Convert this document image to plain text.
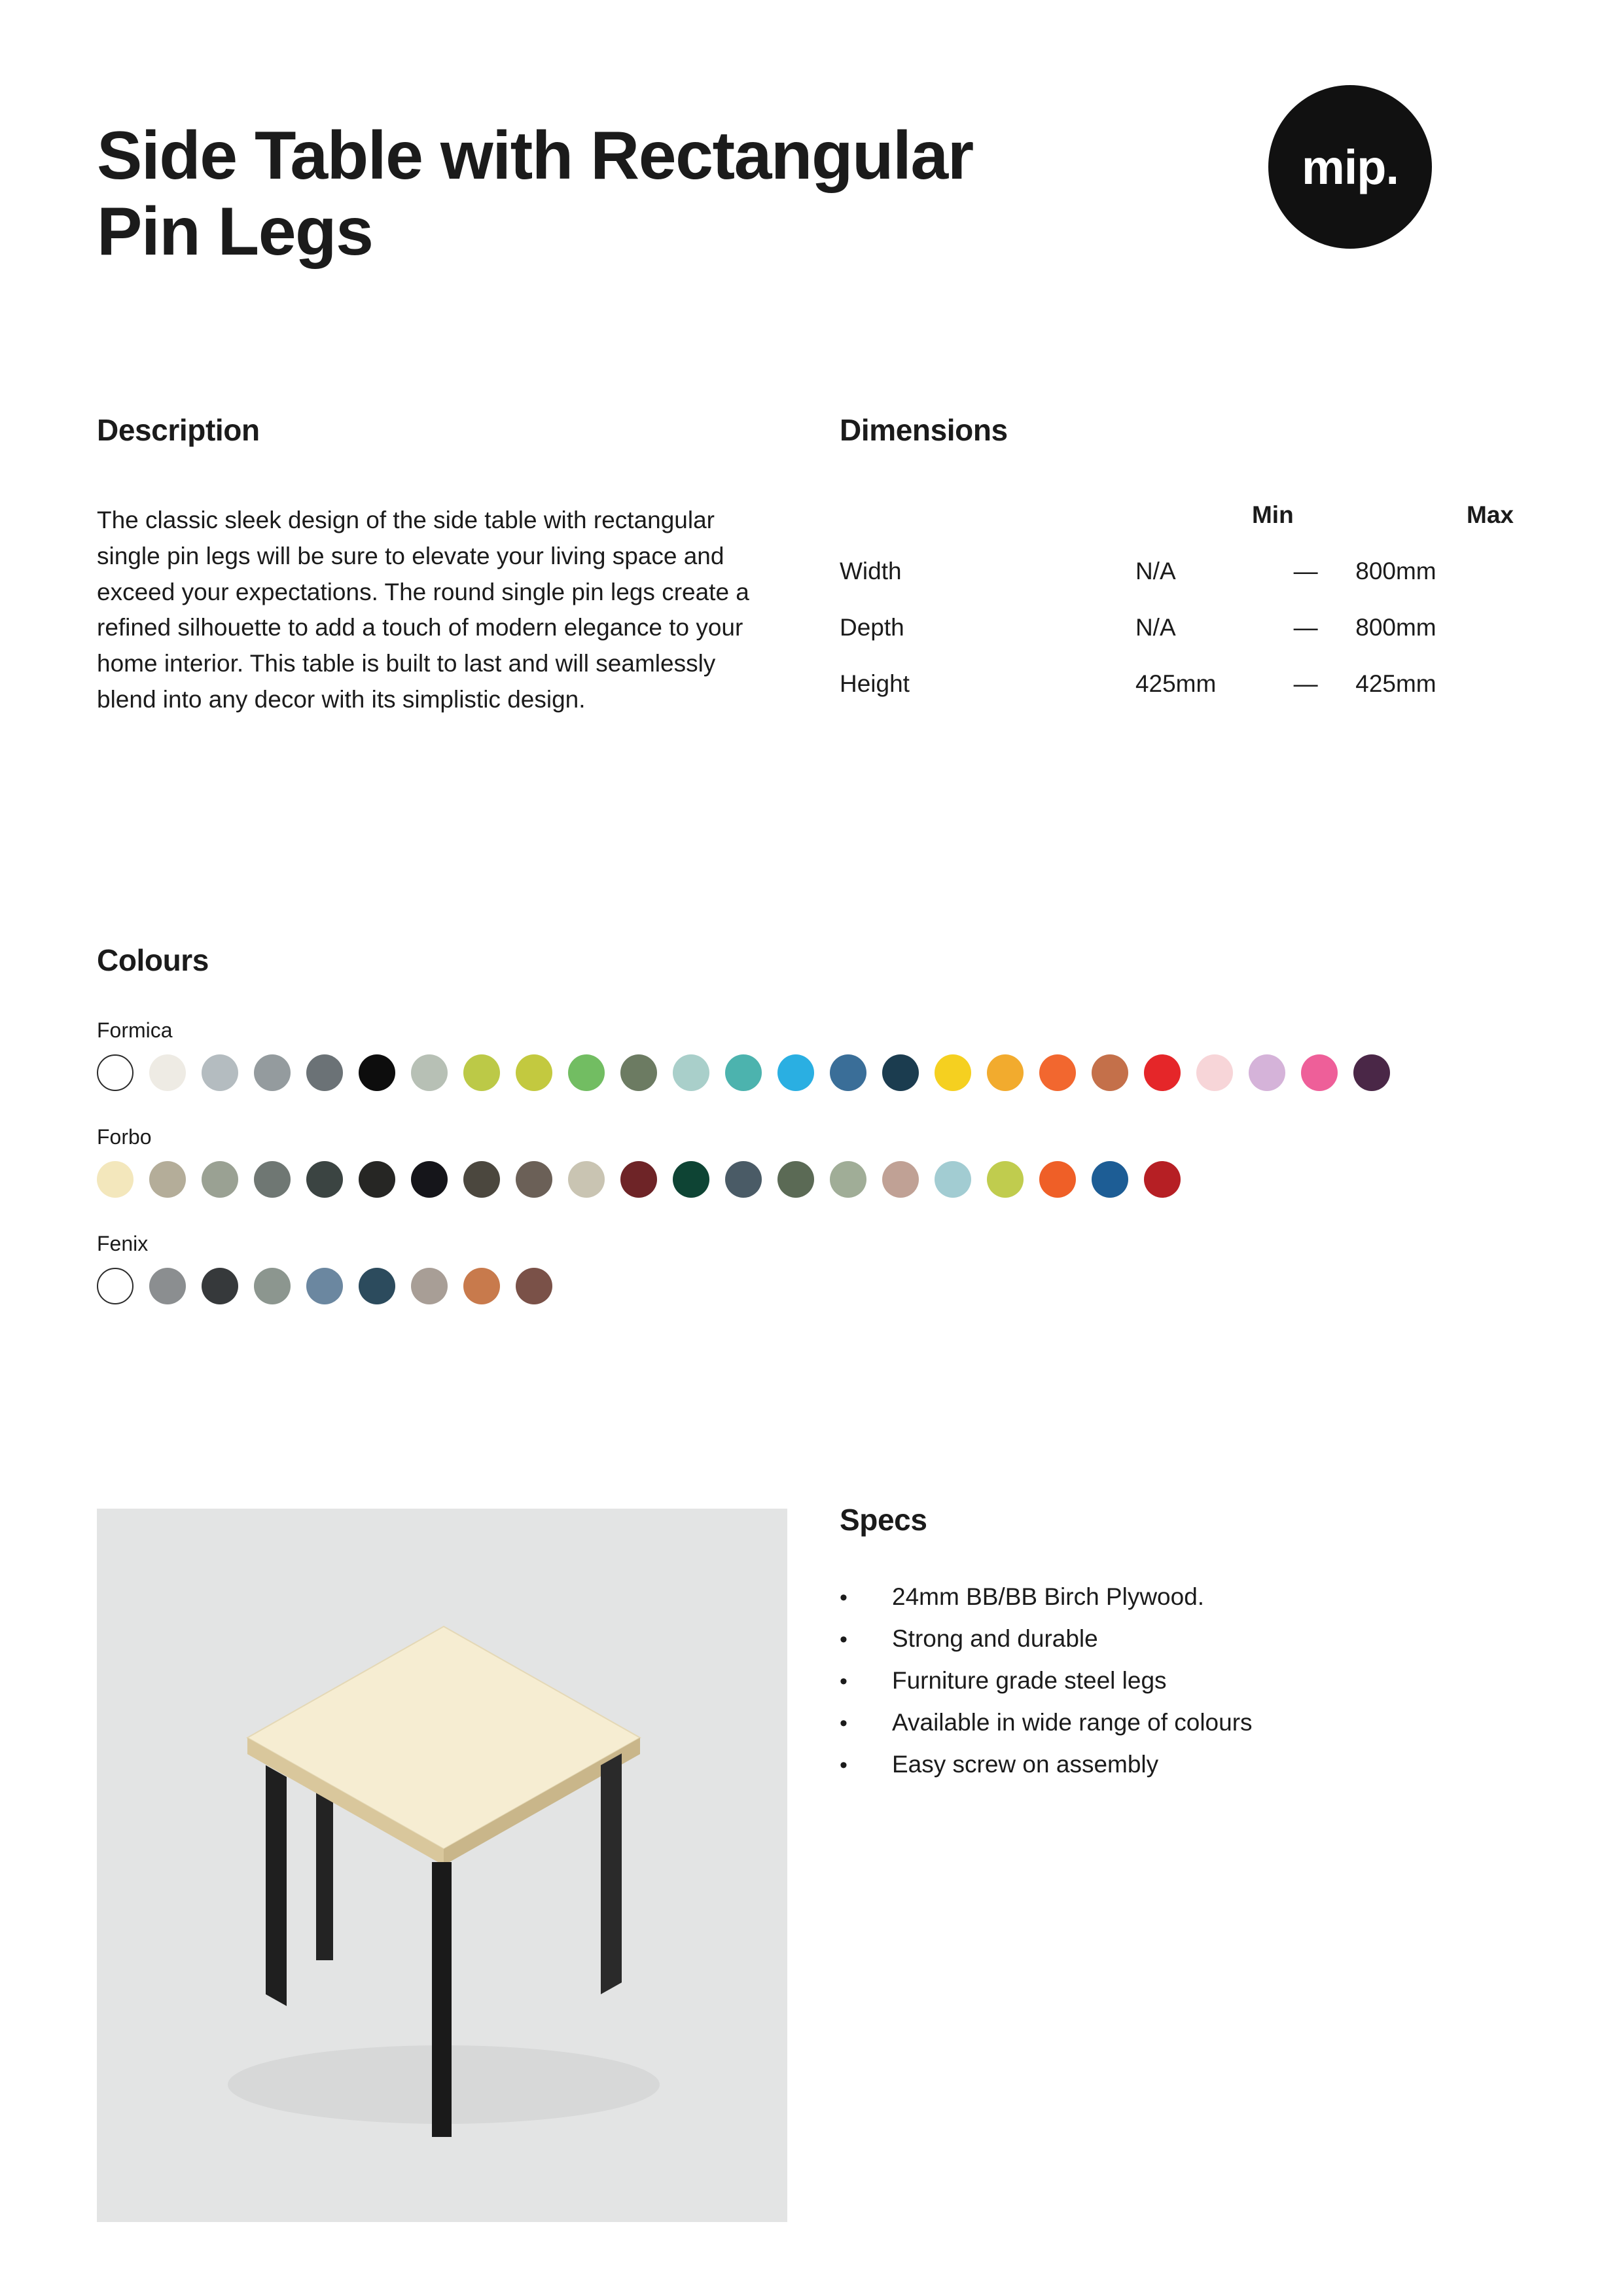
Side Table with Rectangular Pin Legs
mip.
Description

The classic sleek design of the side table with rectangular single pin legs will be sure to elevate your living space and exceed your expectations. The round single pin legs create a refined silhouette to add a touch of modern elegance to your home interior. This table is built to last and will seamlessly blend into any decor with its simplistic design.

Dimensions
	Min		Max
Width	N/A	—	800mm
Depth	N/A	—	800mm
Height	425mm	—	425mm
Colours
Formica
Forbo
Fenix
Specs
•	24mm BB/BB Birch Plywood.
•	Strong and durable
•	Furniture grade steel legs
•	Available in wide range of colours
•	Easy screw on assembly
